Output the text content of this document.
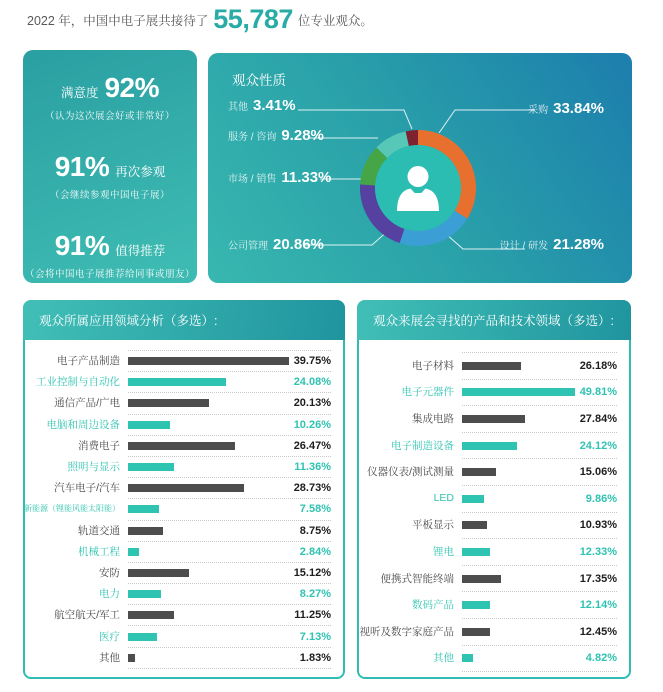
2022 年，中国中电子展共接待了 55,787 位专业观众。
满意度 92%
（认为这次展会好或非常好）
91% 再次参观
（会继续参观中国电子展）
91% 值得推荐
（会将中国电子展推荐给同事或朋友）
观众性质
采购 33.84%
设计 / 研发 21.28%
公司管理 20.86%
市场 / 销售 11.33%
服务 / 咨询 9.28%
其他 3.41%
观众所属应用领域分析（多选）:
电子产品制造	39.75%
工业控制与自动化	24.08%
通信产品/广电	20.13%
电脑和周边设备	10.26%
消费电子	26.47%
照明与显示	11.36%
汽车电子/汽车	28.73%
新能源（锂能风能太阳能）	7.58%
轨道交通	8.75%
机械工程	2.84%
安防	15.12%
电力	8.27%
航空航天/军工	11.25%
医疗	7.13%
其他	1.83%
观众来展会寻找的产品和技术领域（多选）:
电子材料	26.18%
电子元器件	49.81%
集成电路	27.84%
电子制造设备	24.12%
仪器仪表/测试测量	15.06%
LED	9.86%
平板显示	10.93%
锂电	12.33%
便携式智能终端	17.35%
数码产品	12.14%
视听及数字家庭产品	12.45%
其他	4.82%
